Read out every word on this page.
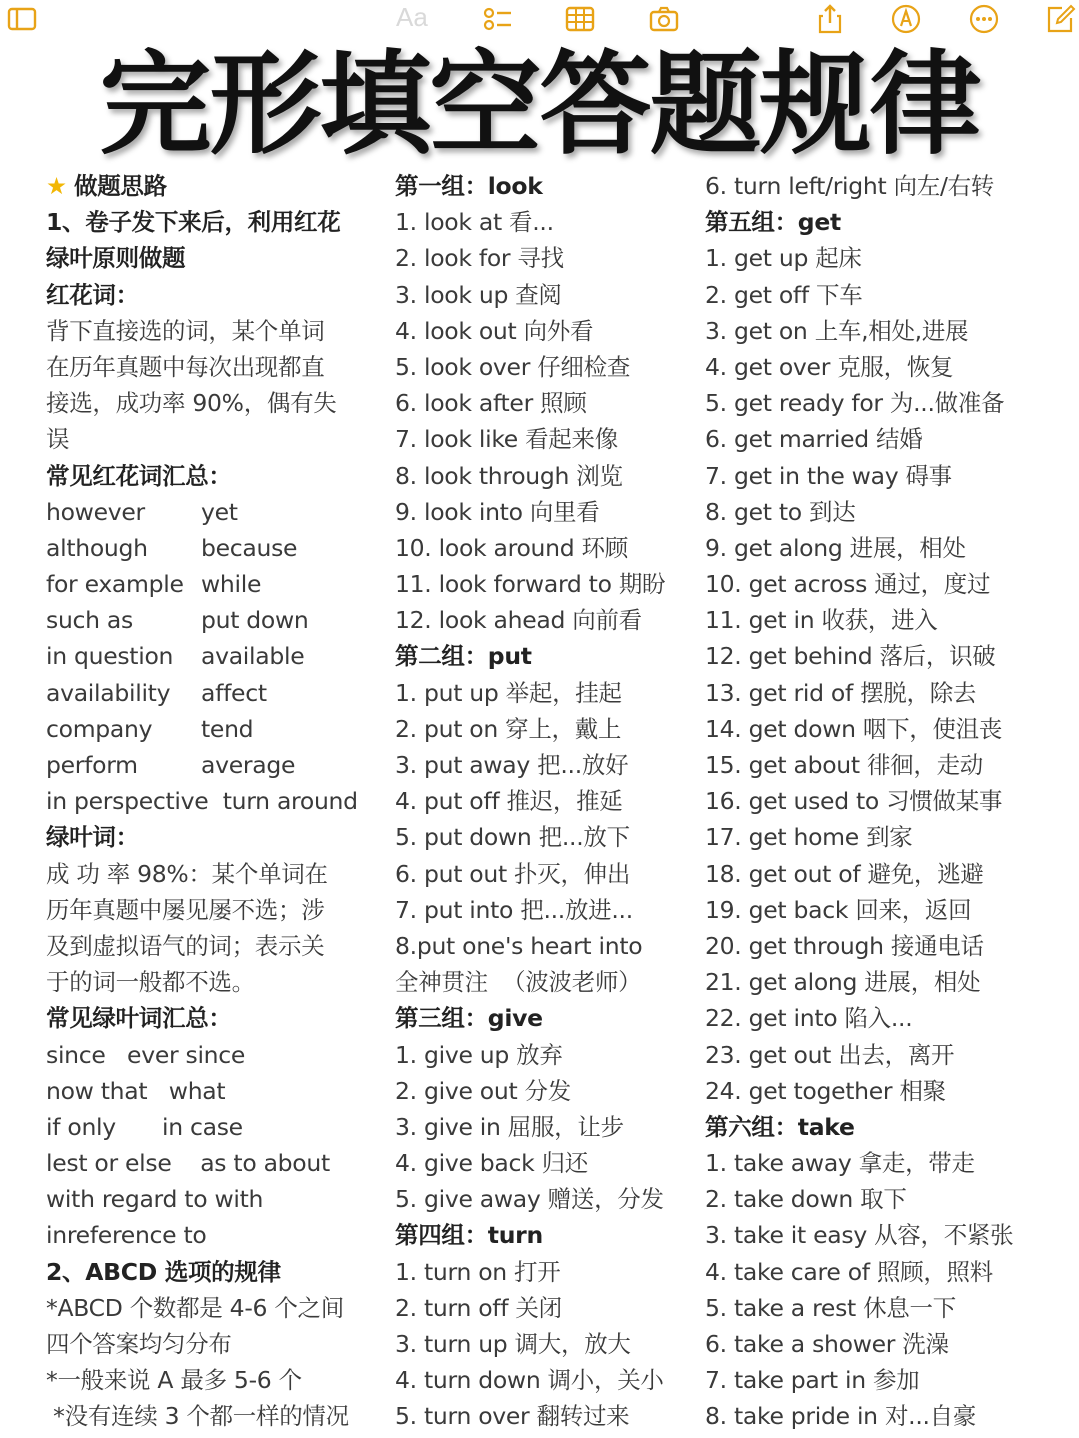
Aa
完形填空答题规律
★ 做题思路
1、卷子发下来后，利用红花
绿叶原则做题
红花词：
背下直接选的词，某个单词
在历年真题中每次出现都直
接选，成功率 90%，偶有失
误
常见红花词汇总：
however	yet
although	because
for example while
such as	put down
in question	available
availability	affect
company	tend
perform	average
in perspective  turn around
绿叶词：
成 功 率 98%：某个单词在
历年真题中屡见屡不选；涉
及到虚拟语气的词；表示关
于的词一般都不选。
常见绿叶词汇总：
since   ever since
now that   what
if only	in case
lest or else    as to about
with regard to with
inreference to
2、ABCD 选项的规律
*ABCD 个数都是 4-6 个之间
四个答案均匀分布
*一般来说 A 最多 5-6 个
*没有连续 3 个都一样的情况
第一组：look
1. look at 看...
2. look for 寻找
3. look up 查阅
4. look out 向外看
5. look over 仔细检查
6. look after 照顾
7. look like 看起来像
8. look through 浏览
9. look into 向里看
10. look around 环顾
11. look forward to 期盼
12. look ahead 向前看
第二组：put
1. put up 举起，挂起
2. put on 穿上，戴上
3. put away 把...放好
4. put off 推迟，推延
5. put down 把...放下
6. put out 扑灭，伸出
7. put into 把...放进...
8.put one's heart into
全神贯注  （波波老师）
第三组：give
1. give up 放弃
2. give out 分发
3. give in 屈服，让步
4. give back 归还
5. give away 赠送，分发
第四组：turn
1. turn on 打开
2. turn off 关闭
3. turn up 调大，放大
4. turn down 调小，关小
5. turn over 翻转过来
6. turn left/right 向左/右转
第五组：get
1. get up 起床
2. get off 下车
3. get on 上车,相处,进展
4. get over 克服，恢复
5. get ready for 为...做准备
6. get married 结婚
7. get in the way 碍事
8. get to 到达
9. get along 进展，相处
10. get across 通过，度过
11. get in 收获，进入
12. get behind 落后，识破
13. get rid of 摆脱，除去
14. get down 咽下，使沮丧
15. get about 徘徊，走动
16. get used to 习惯做某事
17. get home 到家
18. get out of 避免，逃避
19. get back 回来，返回
20. get through 接通电话
21. get along 进展，相处
22. get into 陷入...
23. get out 出去，离开
24. get together 相聚
第六组：take
1. take away 拿走，带走
2. take down 取下
3. take it easy 从容，不紧张
4. take care of 照顾，照料
5. take a rest 休息一下
6. take a shower 洗澡
7. take part in 参加
8. take pride in 对...自豪
